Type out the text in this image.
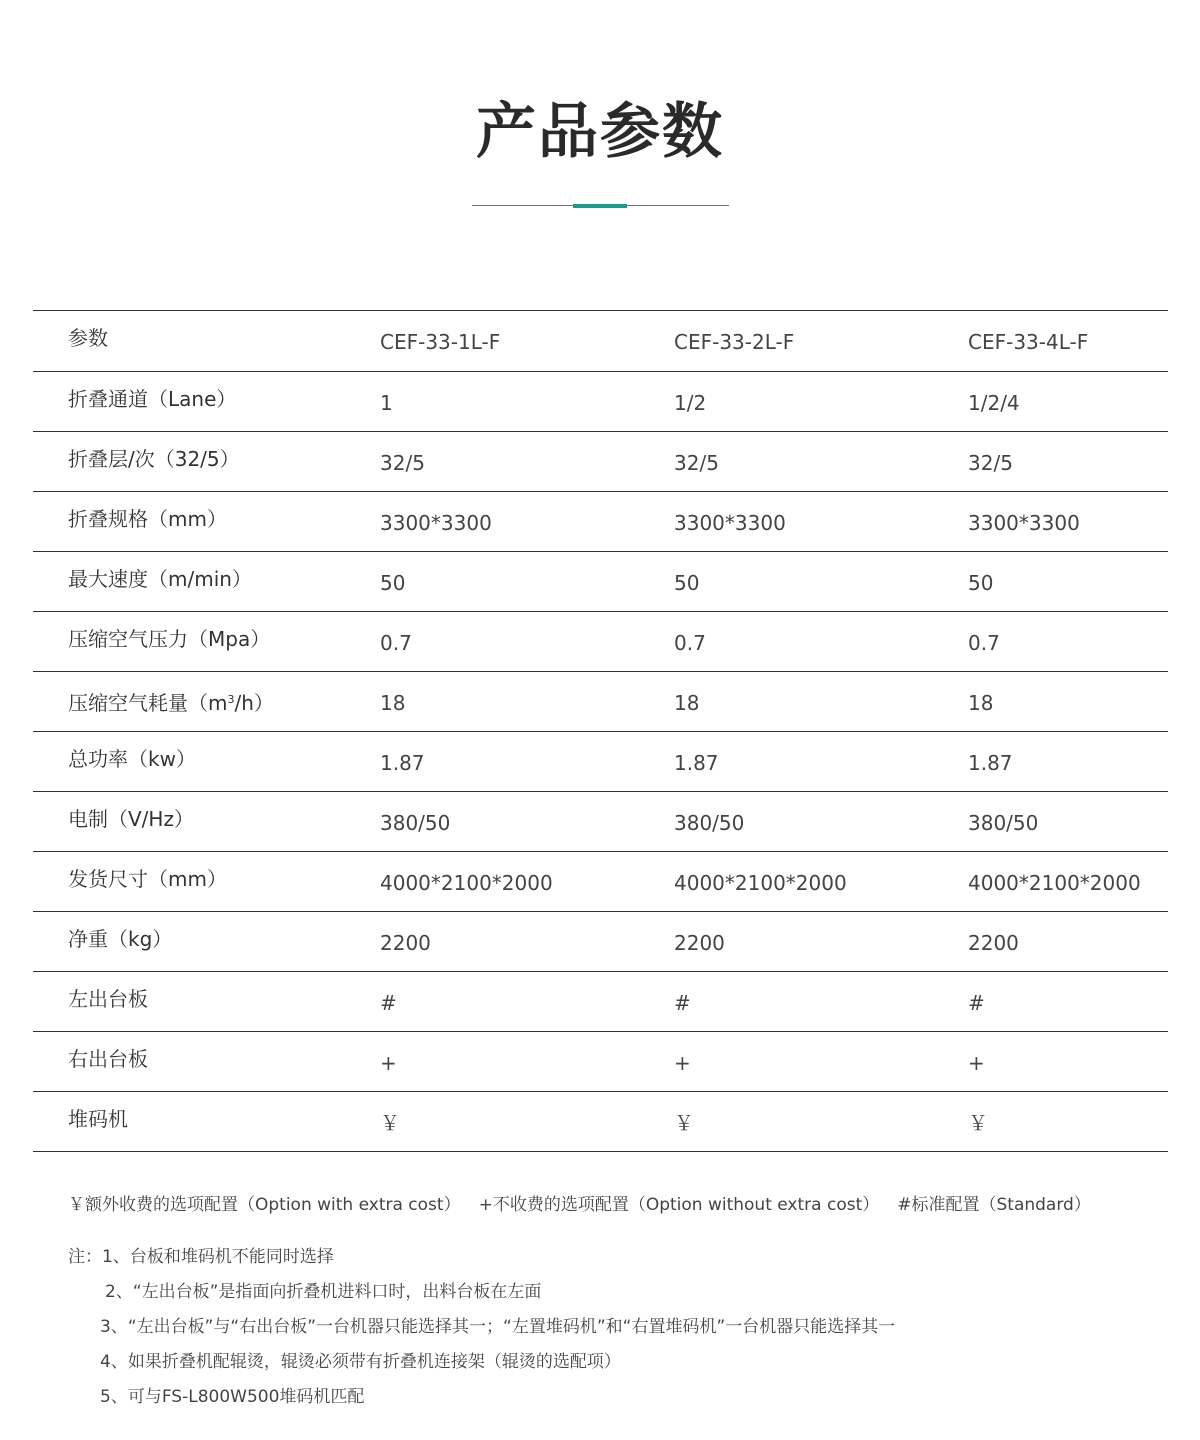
产品参数
参数	CEF-33-1L-F	CEF-33-2L-F	CEF-33-4L-F
折叠通道（Lane）	1	1/2	1/2/4
折叠层/次（32/5）	32/5	32/5	32/5
折叠规格（mm）	3300*3300	3300*3300	3300*3300
最大速度（m/min）	50	50	50
压缩空气压力（Mpa）	0.7	0.7	0.7
压缩空气耗量$(m^3/h)$	18	18	18
总功率（kw）	1.87	1.87	1.87
电制（V/Hz）	380/50	380/50	380/50
发货尺寸（mm）	4000*2100*2000	4000*2100*2000	4000*2100*2000
净重（kg）	2200	2200	2200
左出台板	#	#	#
右出台板	+	+	+
堆码机	￥	￥	￥
￥额外收费的选项配置（Option with extra cost） +不收费的选项配置（Option without extra cost） #标准配置（Standard）
注：1、台板和堆码机不能同时选择
2、“左出台板”是指面向折叠机进料口时，出料台板在左面
3、“左出台板”与“右出台板”一台机器只能选择其一；“左置堆码机”和“右置堆码机”一台机器只能选择其一
4、如果折叠机配辊烫，辊烫必须带有折叠机连接架（辊烫的选配项）
5、可与FS-L800W500堆码机匹配
